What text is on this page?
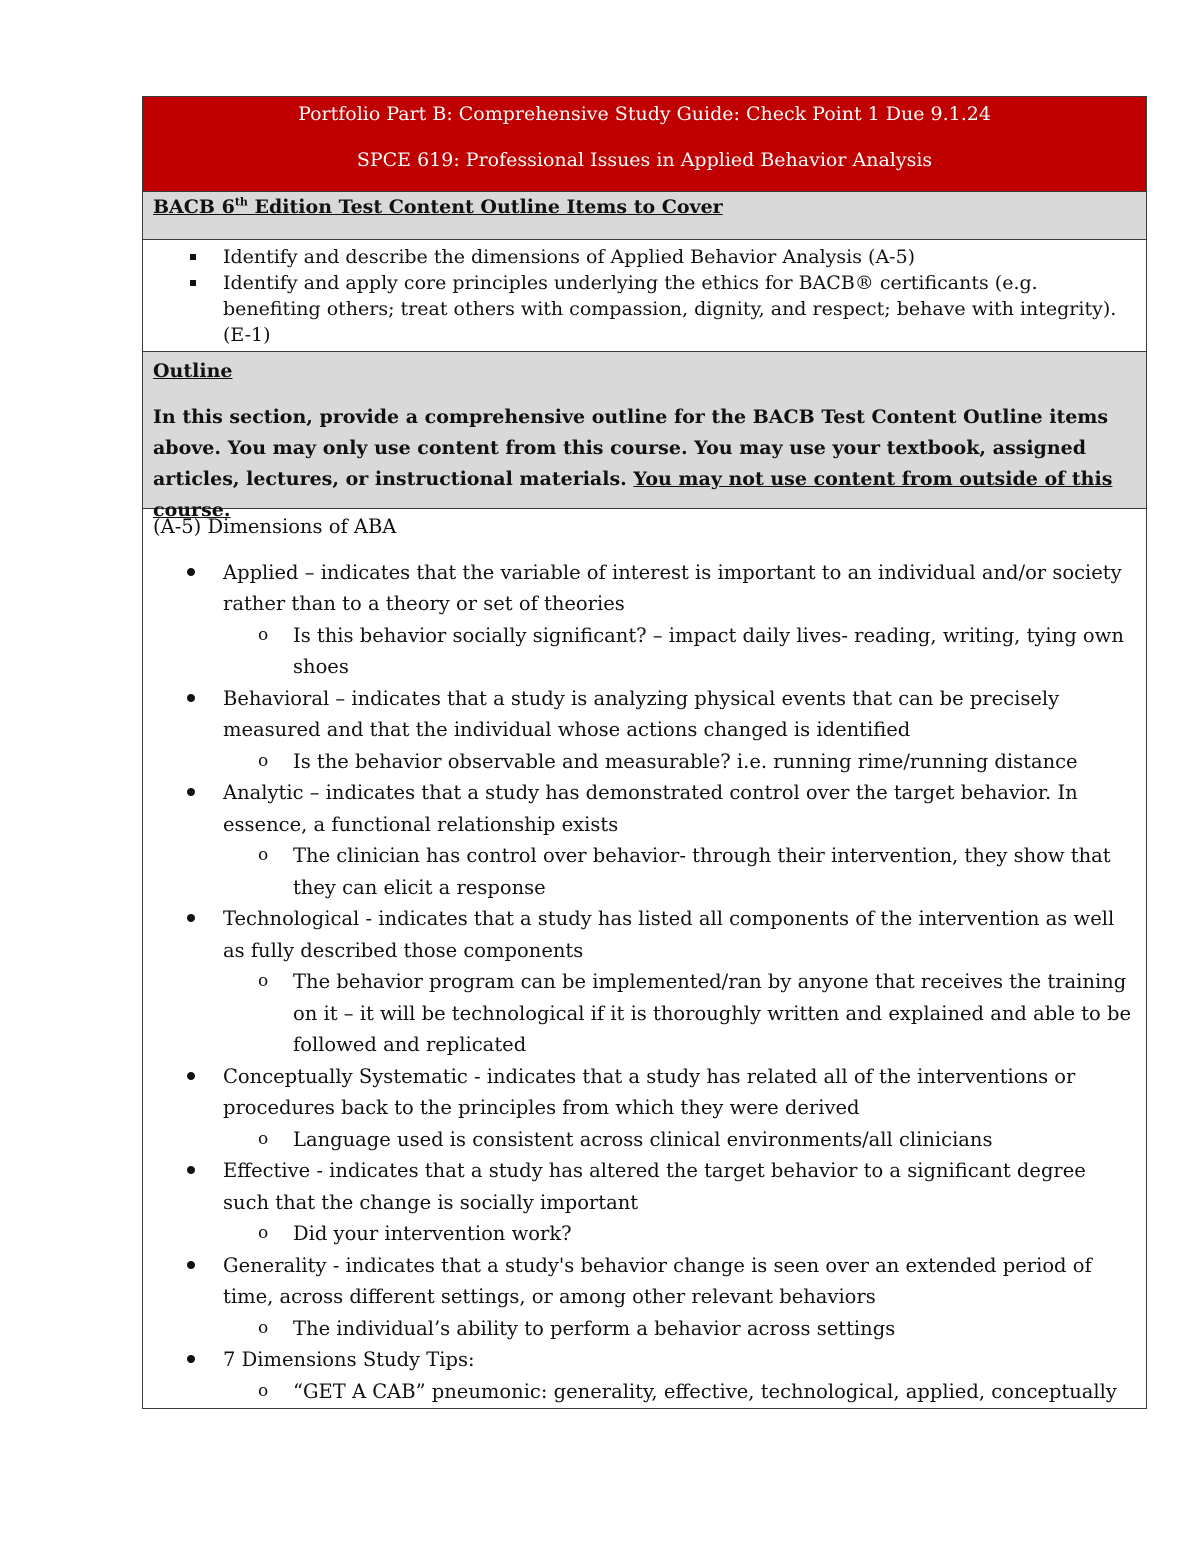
Portfolio Part B: Comprehensive Study Guide: Check Point 1 Due 9.1.24
SPCE 619: Professional Issues in Applied Behavior Analysis
BACB 6th Edition Test Content Outline Items to Cover
Identify and describe the dimensions of Applied Behavior Analysis (A-5)
Identify and apply core principles underlying the ethics for BACB® certificants (e.g. benefiting others; treat others with compassion, dignity, and respect; behave with integrity). (E-1)
Outline
In this section, provide a comprehensive outline for the BACB Test Content Outline items above. You may only use content from this course. You may use your textbook, assigned articles, lectures, or instructional materials. You may not use content from outside of this course.
(A-5) Dimensions of ABA
Applied – indicates that the variable of interest is important to an individual and/or society rather than to a theory or set of theories
o Is this behavior socially significant? – impact daily lives- reading, writing, tying own shoes
Behavioral – indicates that a study is analyzing physical events that can be precisely measured and that the individual whose actions changed is identified
o Is the behavior observable and measurable? i.e. running rime/running distance
Analytic – indicates that a study has demonstrated control over the target behavior. In essence, a functional relationship exists
o The clinician has control over behavior- through their intervention, they show that they can elicit a response
Technological - indicates that a study has listed all components of the intervention as well as fully described those components
o The behavior program can be implemented/ran by anyone that receives the training on it – it will be technological if it is thoroughly written and explained and able to be followed and replicated
Conceptually Systematic - indicates that a study has related all of the interventions or procedures back to the principles from which they were derived
o Language used is consistent across clinical environments/all clinicians
Effective - indicates that a study has altered the target behavior to a significant degree such that the change is socially important
o Did your intervention work?
Generality - indicates that a study's behavior change is seen over an extended period of time, across different settings, or among other relevant behaviors
o The individual’s ability to perform a behavior across settings
7 Dimensions Study Tips:
o “GET A CAB” pneumonic: generality, effective, technological, applied, conceptually
